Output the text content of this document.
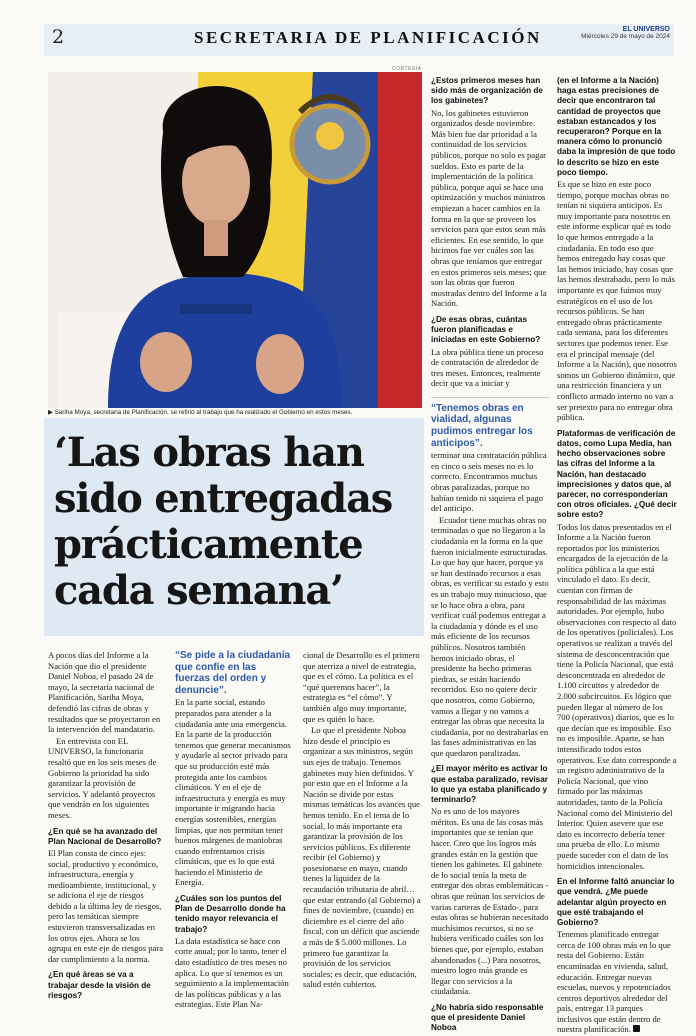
2	SECRETARIA DE PLANIFICACIÓN	EL UNIVERSO
Miércoles 29 de mayo de 2024
CORTESIA
▶ Sariha Moya, secretaria de Planificación, se refirió al trabajo que ha realizado el Gobierno en estos meses.
‘Las obras han sido entregadas prácticamente cada semana’

A pocos días del Informe a la Nación que dio el presidente Daniel Noboa, el pasado 24 de mayo, la secretaria nacional de Planificación, Sariha Moya, defendió las cifras de obras y resultados que se proyectaron en la intervención del mandatario.

En entrevista con EL UNIVERSO, la funcionaria resaltó que en los seis meses de Gobierno la prioridad ha sido garantizar la provisión de servicios. Y adelantó proyectos que vendrán en los siguientes meses.

¿En qué se ha avanzado del Plan Nacional de Desarrollo?

El Plan consta de cinco ejes: social, productivo y económico, infraestructura, energía y medioambiente, institucional, y se adiciona el eje de riesgos debido a la última ley de riesgos, pero las temáticas siempre estuvieron transversalizadas en los otros ejes. Ahora se los agrupa en este eje de riesgos para dar cumplimiento a la norma.

¿En qué áreas se va a trabajar desde la visión de riesgos?

“Se pide a la ciudadanía que confíe en las fuerzas del orden y denuncie”.

En la parte social, estando preparados para atender a la ciudadanía ante una emergencia. En la parte de la producción tenemos que generar mecanismos y ayudarle al sector privado para que su producción esté más protegida ante los cambios climáticos. Y en el eje de infraestructura y energía es muy importante ir migrando hacia energías sostenibles, energías limpias, que nos permitan tener buenos márgenes de maniobras cuando enfrentamos crisis climáticas, que es lo que está haciendo el Ministerio de Energía.

¿Cuáles son los puntos del Plan de Desarrollo donde ha tenido mayor relevancia el trabajo?

La data estadística se hace con corte anual; por lo tanto, tener el dato estadístico de tres meses no aplica. Lo que sí tenemos es un seguimiento a la implementación de las políticas públicas y a las estrategias. Este Plan Na-

cional de Desarrollo es el primero que aterriza a nivel de estrategia, que es el cómo. La política es el “qué queremos hacer”, la estrategia es “el cómo”. Y también algo muy importante, que es quién lo hace.

Lo que el presidente Noboa hizo desde el principio es organizar a sus ministros, según sus ejes de trabajo. Tenemos gabinetes muy bien definidos. Y por esto que en el Informe a la Nación se divide por estas mismas temáticas los avances que hemos tenido. En el tema de lo social, lo más importante era garantizar la provisión de los servicios públicos. Es diferente recibir (el Gobierno) y posesionarse en mayo, cuando tienes la liquidez de la recaudación tributaria de abril… que estar entrando (al Gobierno) a fines de noviembre, (cuando) en diciembre es el cierre del año fiscal, con un déficit que asciende a más de $ 5.000 millones. Lo primero fue garantizar la provisión de los servicios sociales; es decir, que educación, salud estén cubiertos.

¿Estos primeros meses han sido más de organización de los gabinetes?

No, los gabinetes estuvieron organizados desde noviembre. Más bien fue dar prioridad a la continuidad de los servicios públicos, porque no solo es pagar sueldos. Esto es parte de la implementación de la política pública, porque aquí se hace una optimización y muchos ministros empiezan a hacer cambios en la forma en la que se proveen los servicios para que estos sean más eficientes. En ese sentido, lo que hicimos fue ver cuáles son las obras que teníamos que entregar en estos primeros seis meses; que son las obras que fueron mostradas dentro del Informe a la Nación.

¿De esas obras, cuántas fueron planificadas e iniciadas en este Gobierno?

La obra pública tiene un proceso de contratación de alrededor de tres meses. Entonces, realmente decir que va a iniciar y

“Tenemos obras en vialidad, algunas pudimos entregar los anticipos”.

terminar una contratación pública en cinco o seis meses no es lo correcto. Encontramos muchas obras paralizadas, porque no habían tenido ni siquiera el pago del anticipo.

Ecuador tiene muchas obras no terminadas o que no llegaron a la ciudadanía en la forma en la que fueron inicialmente estructuradas. Lo que hay que hacer, porque ya se han destinado recursos a esas obras, es verificar su estado y esto es un trabajo muy minucioso, que se lo hace obra a obra, para verificar cuál podemos entregar a la ciudadanía y dónde es el uso más eficiente de los recursos públicos. Nosotros también hemos iniciado obras, el presidente ha hecho primeras piedras, se están haciendo recorridos. Eso no quiere decir que nosotros, como Gobierno, vamos a llegar y no vamos a entregar las obras que necesita la ciudadanía, por no destrabarlas en las fases administrativas en las que quedaron paralizadas.

¿El mayor mérito es activar lo que estaba paralizado, revisar lo que ya estaba planificado y terminarlo?

No es uno de los mayores méritos. Es una de las cosas más importantes que se tenían que hacer. Creo que los logros más grandes están en la gestión que tienen los gabinetes. El gabinete de lo social tenía la meta de entregar dos obras emblemáticas -obras que reúnan los servicios de varias carteras de Estado-, para estas obras se hubieran necesitado muchísimos recursos, si no se hubiera verificado cuáles son los bienes que, por ejemplo, estaban abandonados (...) Para nosotros, nuestro logro más grande es llegar con servicios a la ciudadanía.

¿No habría sido responsable que el presidente Daniel Noboa

(en el Informe a la Nación) haga estas precisiones de decir que encontraron tal cantidad de proyectos que estaban estancados y los recuperaron? Porque en la manera cómo lo pronunció daba la impresión de que todo lo descrito se hizo en este poco tiempo.

Es que se hizo en este poco tiempo, porque muchas obras no tenían ni siquiera anticipos. Es muy importante para nosotros en este informe explicar qué es todo lo que hemos entregado a la ciudadanía. En todo eso que hemos entregado hay cosas que las hemos iniciado, hay cosas que las hemos destrabado, pero lo más importante es que fuimos muy estratégicos en el uso de los recursos públicos. Se han entregado obras prácticamente cada semana, para los diferentes sectores que podemos tener. Ese era el principal mensaje (del Informe a la Nación), que nosotros somos un Gobierno dinámico, que una restricción financiera y un conflicto armado interno no van a ser pretexto para no entregar obra pública.

Plataformas de verificación de datos, como Lupa Media, han hecho observaciones sobre las cifras del Informe a la Nación, han destacado imprecisiones y datos que, al parecer, no corresponderían con otros oficiales. ¿Qué decir sobre esto?

Todos los datos presentados en el Informe a la Nación fueron reportados por los ministerios encargados de la ejecución de la política pública a la que está vinculado el dato. Es decir, cuentan con firmas de responsabilidad de las máximas autoridades. Por ejemplo, hubo observaciones con respecto al dato de los operativos (policiales). Los operativos se realizan a través del sistema de desconcentración que tiene la Policía Nacional, que está desconcentrada en alrededor de 1.100 circuitos y alrededor de 2.000 subcircuitos. Es lógico que pueden llegar al número de los 700 (operativos) diarios, que es lo que decían que es imposible. Eso no es imposible. Aparte, se han intensificado todos estos operativos. Ese dato corresponde a un registro administrativo de la Policía Nacional, que vino firmado por las máximas autoridades, tanto de la Policía Nacional como del Ministerio del Interior. Quien asevere que ese dato es incorrecto debería tener una prueba de ello. Lo mismo puede suceder con el dato de los homicidios intencionales.

En el Informe faltó anunciar lo que vendrá. ¿Me puede adelantar algún proyecto en que esté trabajando el Gobierno?

Tenemos planificado entregar cerca de 100 obras más en lo que resta del Gobierno. Están encaminadas en vivienda, salud, educación. Entregar nuevas escuelas, nuevos y repotenciados centros deportivos alrededor del país, entregar 13 parques inclusivos que están dentro de nuestra planificación.
